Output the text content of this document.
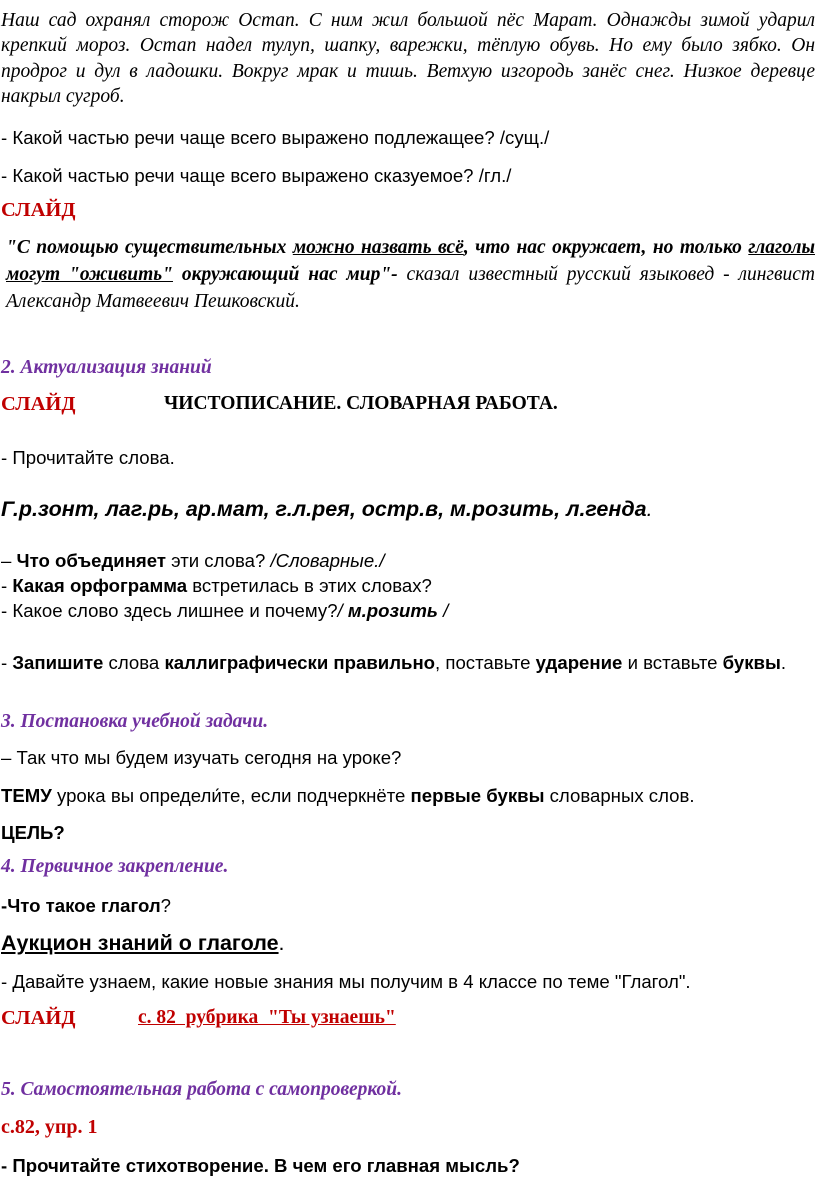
Наш сад охранял сторож Остап. С ним жил большой пёс Марат. Однажды зимой ударил крепкий мороз. Остап надел тулуп, шапку, варежки, тёплую обувь. Но ему было зябко. Он продрог и дул в ладошки. Вокруг мрак и тишь. Ветхую изгородь занёс снег. Низкое деревце накрыл сугроб.
- Какой частью речи чаще всего выражено подлежащее? /сущ./
- Какой частью речи чаще всего выражено сказуемое? /гл./
СЛАЙД
"С помощью существительных можно назвать всё, что нас окружает, но только глаголы могут "оживить" окружающий нас мир"- сказал известный русский языковед - лингвист Александр Матвеевич Пешковский.
2. Актуализация знаний
СЛАЙД	ЧИСТОПИСАНИЕ. СЛОВАРНАЯ РАБОТА.
- Прочитайте слова.
Г.р.зонт, лаг.рь, ар.мат, г.л.рея, остр.в, м.розить, л.генда.
– Что объединяет эти слова? /Словарные./
- Какая орфограмма встретилась в этих словах?
- Какое слово здесь лишнее и почему?/ м.розить /
- Запишите слова каллиграфически правильно, поставьте ударение и вставьте буквы.
3. Постановка учебной задачи.
– Так что мы будем изучать сегодня на уроке?
ТЕМУ урока вы определи́те, если подчеркнёте первые буквы словарных слов.
ЦЕЛЬ?
4. Первичное закрепление.
-Что такое глагол?
Аукцион знаний о глаголе.
- Давайте узнаем, какие новые знания мы получим в 4 классе по теме "Глагол".
СЛАЙД	с. 82  рубрика  "Ты узнаешь"
5. Самостоятельная работа с самопроверкой.
с.82, упр. 1
- Прочитайте стихотворение. В чем его главная мысль?
